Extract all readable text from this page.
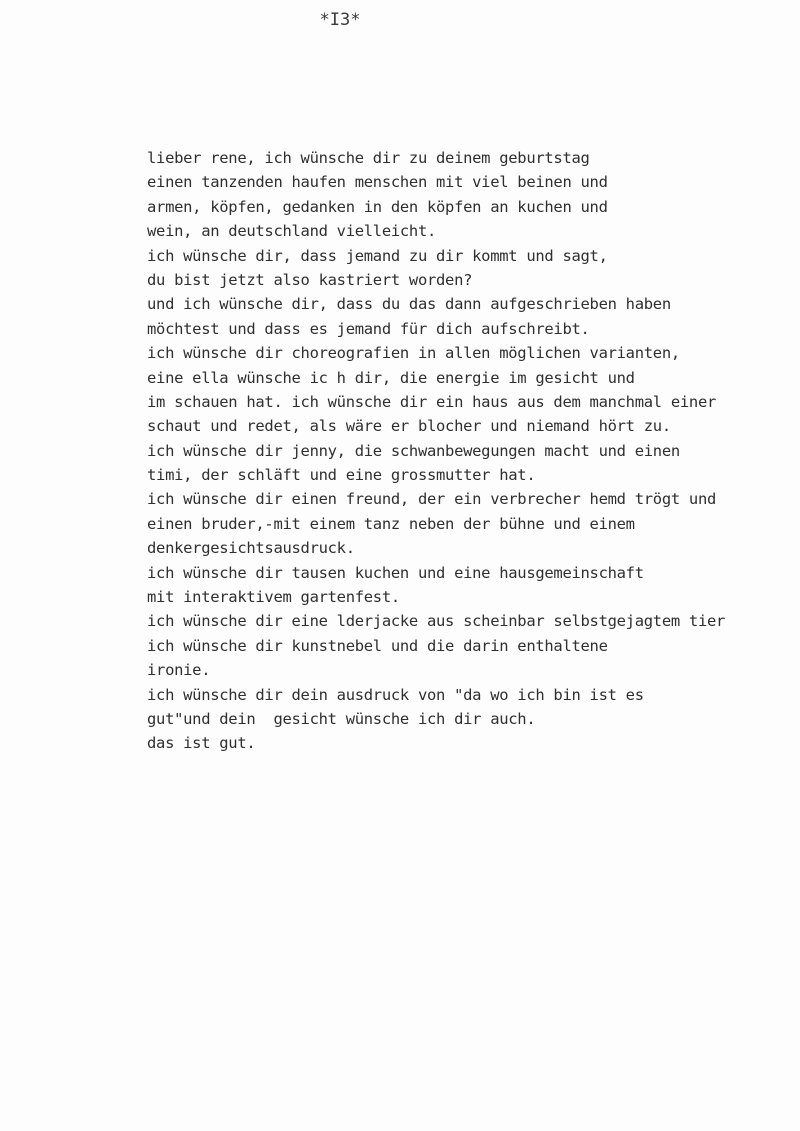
*I3*
lieber rene, ich wünsche dir zu deinem geburtstag
einen tanzenden haufen menschen mit viel beinen und
armen, köpfen, gedanken in den köpfen an kuchen und
wein, an deutschland vielleicht.
ich wünsche dir, dass jemand zu dir kommt und sagt,
du bist jetzt also kastriert worden?
und ich wünsche dir, dass du das dann aufgeschrieben haben
möchtest und dass es jemand für dich aufschreibt.
ich wünsche dir choreografien in allen möglichen varianten,
eine ella wünsche ic h dir, die energie im gesicht und
im schauen hat. ich wünsche dir ein haus aus dem manchmal einer
schaut und redet, als wäre er blocher und niemand hört zu.
ich wünsche dir jenny, die schwanbewegungen macht und einen
timi, der schläft und eine grossmutter hat.
ich wünsche dir einen freund, der ein verbrecher hemd trögt und
einen bruder,-mit einem tanz neben der bühne und einem
denkergesichtsausdruck.
ich wünsche dir tausen kuchen und eine hausgemeinschaft
mit interaktivem gartenfest.
ich wünsche dir eine lderjacke aus scheinbar selbstgejagtem tier
ich wünsche dir kunstnebel und die darin enthaltene
ironie.
ich wünsche dir dein ausdruck von "da wo ich bin ist es
gut"und dein  gesicht wünsche ich dir auch.
das ist gut.
